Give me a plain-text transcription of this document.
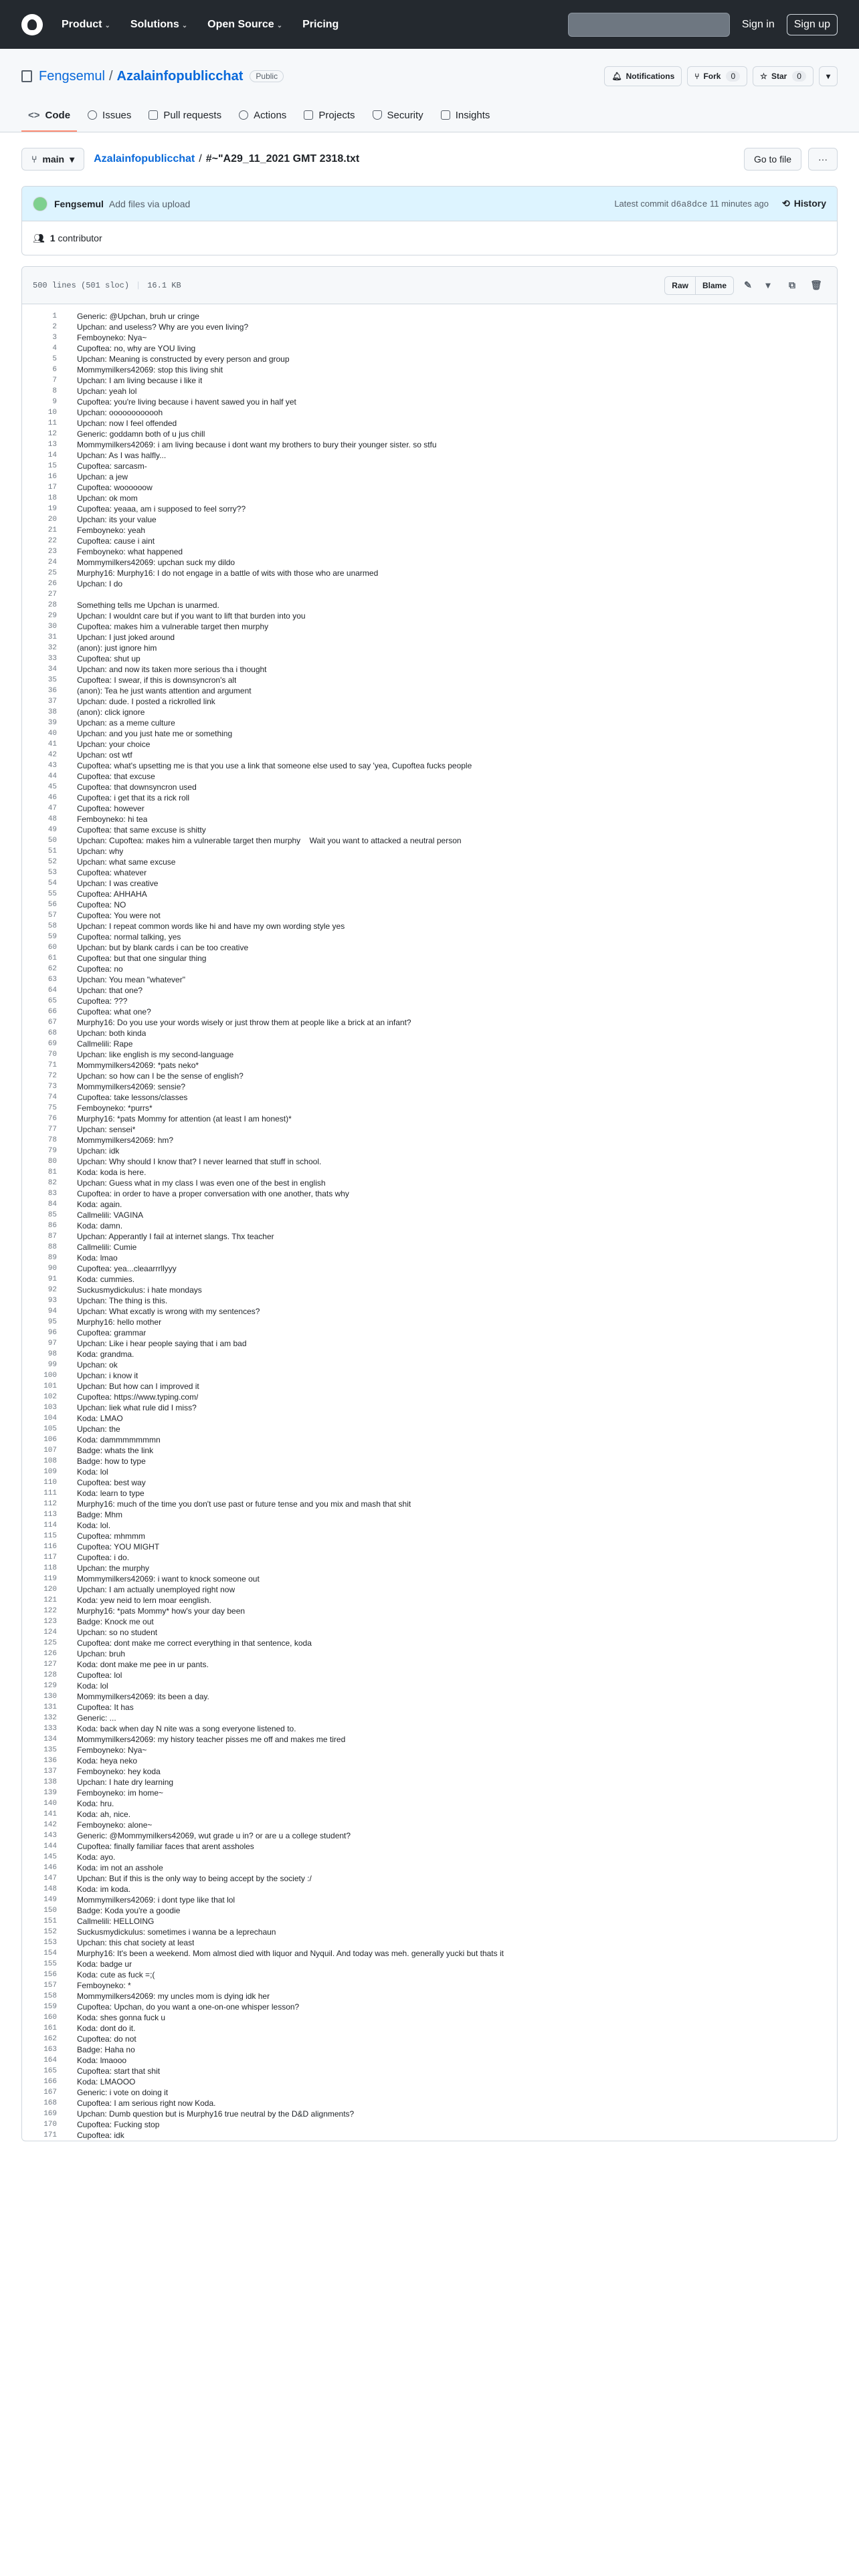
Product ⌄ Solutions ⌄ Open Source ⌄ Pricing	Sign in	Sign up
Fengsemul / Azalainfopublicchat	Public	🔔︎ Notifications	⑂ Fork	0	☆ Star	0	▾
<> Code	Issues	Pull requests	Actions	Projects	Security	Insights
⑂ main ▾ Azalainfopublicchat / #~"A29_11_2021 GMT 2318.txt	Go to file	···
Fengsemul Add files via upload	Latest commit d6a8dce 11 minutes ago ⟲ History
👥︎ 1
contributor
500 lines (501 sloc) | 16.1 KB	Raw	Blame	✎	▾	⧉	🗑︎
1	Generic: @Upchan, bruh ur cringe
2	Upchan: and useless? Why are you even living?
3	Femboyneko: Nya~
4	Cupoftea: no, why are YOU living
5	Upchan: Meaning is constructed by every person and group
6	Mommymilkers42069: stop this living shit
7	Upchan: I am living because i like it
8	Upchan: yeah lol
9	Cupoftea: you're living because i havent sawed you in half yet
10	Upchan: oooooooooooh
11	Upchan: now I feel offended
12	Generic: goddamn both of u jus chill
13	Mommymilkers42069: i am living because i dont want my brothers to bury their younger sister. so stfu
14	Upchan: As I was halfly...
15	Cupoftea: sarcasm-
16	Upchan: a jew
17	Cupoftea: woooooow
18	Upchan: ok mom
19	Cupoftea: yeaaa, am i supposed to feel sorry??
20	Upchan: its your value
21	Femboyneko: yeah
22	Cupoftea: cause i aint
23	Femboyneko: what happened
24	Mommymilkers42069: upchan suck my dildo
25	Murphy16: Murphy16: I do not engage in a battle of wits with those who are unarmed
26	Upchan: I do
27
28	Something tells me Upchan is unarmed.
29	Upchan: I wouldnt care but if you want to lift that burden into you
30	Cupoftea: makes him a vulnerable target then murphy
31	Upchan: I just joked around
32	(anon): just ignore him
33	Cupoftea: shut up
34	Upchan: and now its taken more serious tha i thought
35	Cupoftea: I swear, if this is downsyncron's alt
36	(anon): Tea he just wants attention and argument
37	Upchan: dude. I posted a rickrolled link
38	(anon): click ignore
39	Upchan: as a meme culture
40	Upchan: and you just hate me or something
41	Upchan: your choice
42	Upchan: ost wtf
43	Cupoftea: what's upsetting me is that you use a link that someone else used to say 'yea, Cupoftea fucks people
44	Cupoftea: that excuse
45	Cupoftea: that downsyncron used
46	Cupoftea: i get that its a rick roll
47	Cupoftea: however
48	Femboyneko: hi tea
49	Cupoftea: that same excuse is shitty
50	Upchan: Cupoftea: makes him a vulnerable target then murphy    Wait you want to attacked a neutral person
51	Upchan: why
52	Upchan: what same excuse
53	Cupoftea: whatever
54	Upchan: I was creative
55	Cupoftea: AHHAHA
56	Cupoftea: NO
57	Cupoftea: You were not
58	Upchan: I repeat common words like hi and have my own wording style yes
59	Cupoftea: normal talking, yes
60	Upchan: but by blank cards i can be too creative
61	Cupoftea: but that one singular thing
62	Cupoftea: no
63	Upchan: You mean "whatever"
64	Upchan: that one?
65	Cupoftea: ???
66	Cupoftea: what one?
67	Murphy16: Do you use your words wisely or just throw them at people like a brick at an infant?
68	Upchan: both kinda
69	Callmelili: Rape
70	Upchan: like english is my second-language
71	Mommymilkers42069: *pats neko*
72	Upchan: so how can I be the sense of english?
73	Mommymilkers42069: sensie?
74	Cupoftea: take lessons/classes
75	Femboyneko: *purrs*
76	Murphy16: *pats Mommy for attention (at least I am honest)*
77	Upchan: sensei*
78	Mommymilkers42069: hm?
79	Upchan: idk
80	Upchan: Why should I know that? I never learned that stuff in school.
81	Koda: koda is here.
82	Upchan: Guess what in my class I was even one of the best in english
83	Cupoftea: in order to have a proper conversation with one another, thats why
84	Koda: again.
85	Callmelili: VAGINA
86	Koda: damn.
87	Upchan: Apperantly I fail at internet slangs. Thx teacher
88	Callmelili: Cumie
89	Koda: lmao
90	Cupoftea: yea...cleaarrrllyyy
91	Koda: cummies.
92	Suckusmydickulus: i hate mondays
93	Upchan: The thing is this.
94	Upchan: What excatly is wrong with my sentences?
95	Murphy16: hello mother
96	Cupoftea: grammar
97	Upchan: Like i hear people saying that i am bad
98	Koda: grandma.
99	Upchan: ok
100	Upchan: i know it
101	Upchan: But how can I improved it
102	Cupoftea: https://www.typing.com/
103	Upchan: liek what rule did I miss?
104	Koda: LMAO
105	Upchan: the
106	Koda: dammmmmmmn
107	Badge: whats the link
108	Badge: how to type
109	Koda: lol
110	Cupoftea: best way
111	Koda: learn to type
112	Murphy16: much of the time you don't use past or future tense and you mix and mash that shit
113	Badge: Mhm
114	Koda: lol.
115	Cupoftea: mhmmm
116	Cupoftea: YOU MIGHT
117	Cupoftea: i do.
118	Upchan: the murphy
119	Mommymilkers42069: i want to knock someone out
120	Upchan: I am actually unemployed right now
121	Koda: yew neid to lern moar eenglish.
122	Murphy16: *pats Mommy* how's your day been
123	Badge: Knock me out
124	Upchan: so no student
125	Cupoftea: dont make me correct everything in that sentence, koda
126	Upchan: bruh
127	Koda: dont make me pee in ur pants.
128	Cupoftea: lol
129	Koda: lol
130	Mommymilkers42069: its been a day.
131	Cupoftea: It has
132	Generic: ...
133	Koda: back when day N nite was a song everyone listened to.
134	Mommymilkers42069: my history teacher pisses me off and makes me tired
135	Femboyneko: Nya~
136	Koda: heya neko
137	Femboyneko: hey koda
138	Upchan: I hate dry learning
139	Femboyneko: im home~
140	Koda: hru.
141	Koda: ah, nice.
142	Femboyneko: alone~
143	Generic: @Mommymilkers42069, wut grade u in? or are u a college student?
144	Cupoftea: finally familiar faces that arent assholes
145	Koda: ayo.
146	Koda: im not an asshole
147	Upchan: But if this is the only way to being accept by the society :/
148	Koda: im koda.
149	Mommymilkers42069: i dont type like that lol
150	Badge: Koda you're a goodie
151	Callmelili: HELLOING
152	Suckusmydickulus: sometimes i wanna be a leprechaun
153	Upchan: this chat society at least
154	Murphy16: It's been a weekend. Mom almost died with liquor and Nyquil. And today was meh. generally yucki but thats it
155	Koda: badge ur
156	Koda: cute as fuck =;(
157	Femboyneko: *
158	Mommymilkers42069: my uncles mom is dying idk her
159	Cupoftea: Upchan, do you want a one-on-one whisper lesson?
160	Koda: shes gonna fuck u
161	Koda: dont do it.
162	Cupoftea: do not
163	Badge: Haha no
164	Koda: lmaooo
165	Cupoftea: start that shit
166	Koda: LMAOOO
167	Generic: i vote on doing it
168	Cupoftea: I am serious right now Koda.
169	Upchan: Dumb question but is Murphy16 true neutral by the D&D alignments?
170	Cupoftea: Fucking stop
171	Cupoftea: idk
